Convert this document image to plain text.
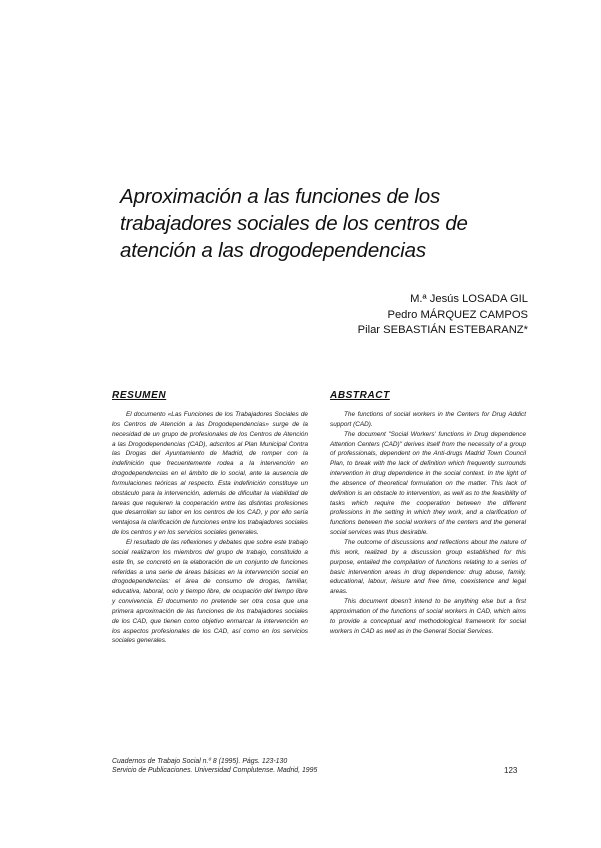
Aproximación a las funciones de los
trabajadores sociales de los centros de
atención a las drogodependencias
M.ª Jesús LOSADA GIL
Pedro MÁRQUEZ CAMPOS
Pilar SEBASTIÁN ESTEBARANZ*
RESUMEN

El documento «Las Funciones de los Trabajadores Sociales de los Centros de Atención a las Drogodependencias» surge de la necesidad de un grupo de profesionales de los Centros de Atención a las Drogodependencias (CAD), adscritos al Plan Municipal Contra las Drogas del Ayuntamiento de Madrid, de romper con la indefinición que frecuentemente rodea a la intervención en drogodependencias en el ámbito de lo social, ante la ausencia de formulaciones teóricas al respecto. Esta indefinición constituye un obstáculo para la intervención, además de dificultar la viabilidad de tareas que requieren la cooperación entre las distintas profesiones que desarrollan su labor en los centros de los CAD, y por ello sería ventajosa la clarificación de funciones entre los trabajadores sociales de los centros y en los servicios sociales generales.

El resultado de las reflexiones y debates que sobre este trabajo social realizaron los miembros del grupo de trabajo, constituido a este fin, se concretó en la elaboración de un conjunto de funciones referidas a una serie de áreas básicas en la intervención social en drogodependencias: el área de consumo de drogas, familiar, educativa, laboral, ocio y tiempo libre, de ocupación del tiempo libre y convivencia. El documento no pretende ser otra cosa que una primera aproximación de las funciones de los trabajadores sociales de los CAD, que tienen como objetivo enmarcar la intervención en los aspectos profesionales de los CAD, así como en los servicios sociales generales.

ABSTRACT

The functions of social workers in the Centers for Drug Addict support (CAD).

The document "Social Workers' functions in Drug dependence Attention Centers (CAD)" derives itself from the necessity of a group of professionals, dependent on the Anti-drugs Madrid Town Council Plan, to break with the lack of definition which frequently surrounds intervention in drug dependence in the social context. In the light of the absence of theoretical formulation on the matter. This lack of definition is an obstacle to intervention, as well as to the feasibility of tasks which require the cooperation between the different professions in the setting in which they work, and a clarification of functions between the social workers of the centers and the general social services was thus desirable.

The outcome of discussions and reflections about the nature of this work, realized by a discussion group established for this purpose, entailed the compilation of functions relating to a series of basic intervention areas in drug dependence: drug abuse, family, educational, labour, leisure and free time, coexistence and legal areas.

This document doesn't intend to be anything else but a first approximation of the functions of social workers in CAD, which aims to provide a conceptual and methodological framework for social workers in CAD as well as in the General Social Services.

Cuadernos de Trabajo Social n.º 8 (1995). Págs. 123-130
Servicio de Publicaciones. Universidad Complutense. Madrid, 1995	123
